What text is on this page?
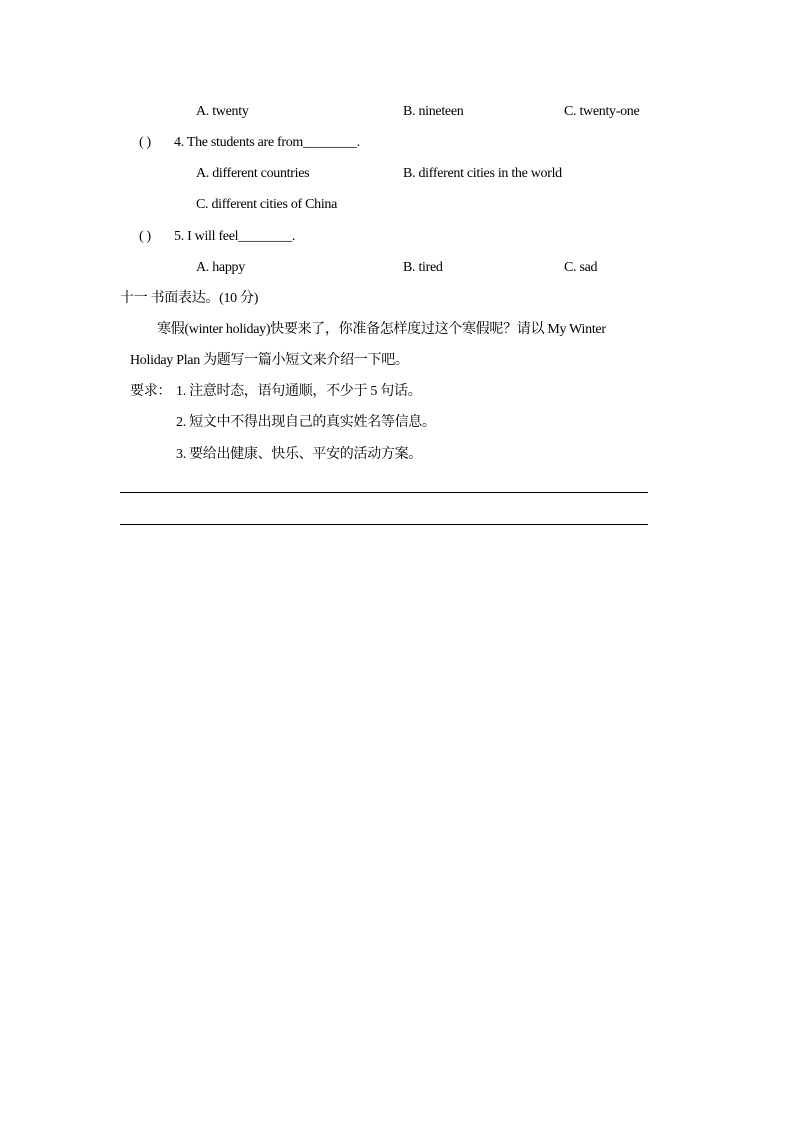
A. twenty	B. nineteen	C. twenty-one
( ) 4. The students are from________.
A. different countries	B. different cities in the world
C. different cities of China
( ) 5. I will feel________.
A. happy	B. tired	C. sad
十一 书面表达。(10 分)
寒假(winter holiday)快要来了，你准备怎样度过这个寒假呢？请以 My Winter
Holiday Plan 为题写一篇小短文来介绍一下吧。
要求： 1. 注意时态，语句通顺，不少于 5 句话。
2. 短文中不得出现自己的真实姓名等信息。
3. 要给出健康、快乐、平安的活动方案。
